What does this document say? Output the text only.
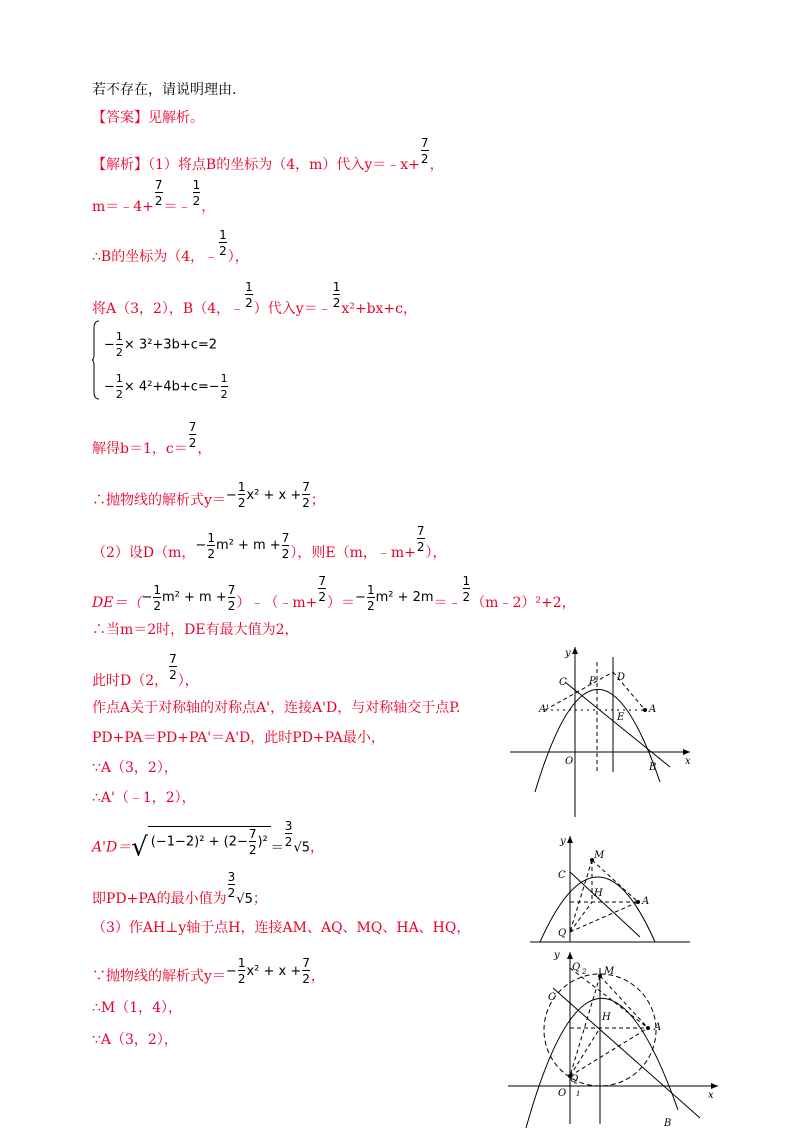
若不存在，请说明理由.
【答案】见解析。
【解析】（1）将点B的坐标为（4，m）代入y＝﹣x+ $\frac{7}{2}$ ，
m＝﹣4+ $\frac{7}{2}$ ＝﹣ $\frac{1}{2}$ ，
∴B的坐标为（4，﹣ $\frac{1}{2}$ ），
将A（3，2），B（4，﹣ $\frac{1}{2}$ ）代入y＝﹣ $\frac{1}{2} x^2+bx+c$，
− $\frac{1}{2} \times 3^2+3b+c=2$
− $\frac{1}{2} \times 4^2+4b+c=- \frac{1}{2}$
解得b＝1，$c= \frac{7}{2}$ ，
∴抛物线的解析式$y=- \frac{1}{2} x^2 + x + \frac{7}{2}$ ；
（2）设D（m，− $\frac{1}{2} m^2 + m + \frac{7}{2}$ ），则E（m，﹣m+ $\frac{7}{2}$ ），
$DE=(- \frac{1}{2} m^2 + m + \frac{7}{2}$ ）﹣（﹣m+ $\frac{7}{2}$ ）＝− $\frac{1}{2} m^2$ + 2m＝﹣ $\frac{1}{2}$ （m﹣2）²+2，
∴当m＝2时，DE有最大值为2，
此时D（2， $\frac{7}{2}$ ），
作点A关于对称轴的对称点A'，连接A'D，与对称轴交于点P.
PD+PA＝PD+PA'＝A'D，此时PD+PA最小，
∵A（3，2），
∴A'（﹣1，2），
A'D＝√ $(-1-2)^2 + (2- \frac{7}{2} )^2 = \frac{3}{2} √5$，
即PD+PA的最小值为 $\frac{3}{2} √5$；
（3）作AH⊥y轴于点H，连接AM、AQ、MQ、HA、HQ，
∵抛物线的解析式$y=- \frac{1}{2} x^2 + x + \frac{7}{2}$ ，
∴M（1，4），
∵A（3，2），
y
x
O
C P D
A'	A
E
B
y
M
C
H
A
Q
y
Q 2 M
C
H
A
O
Q
1
B
x
